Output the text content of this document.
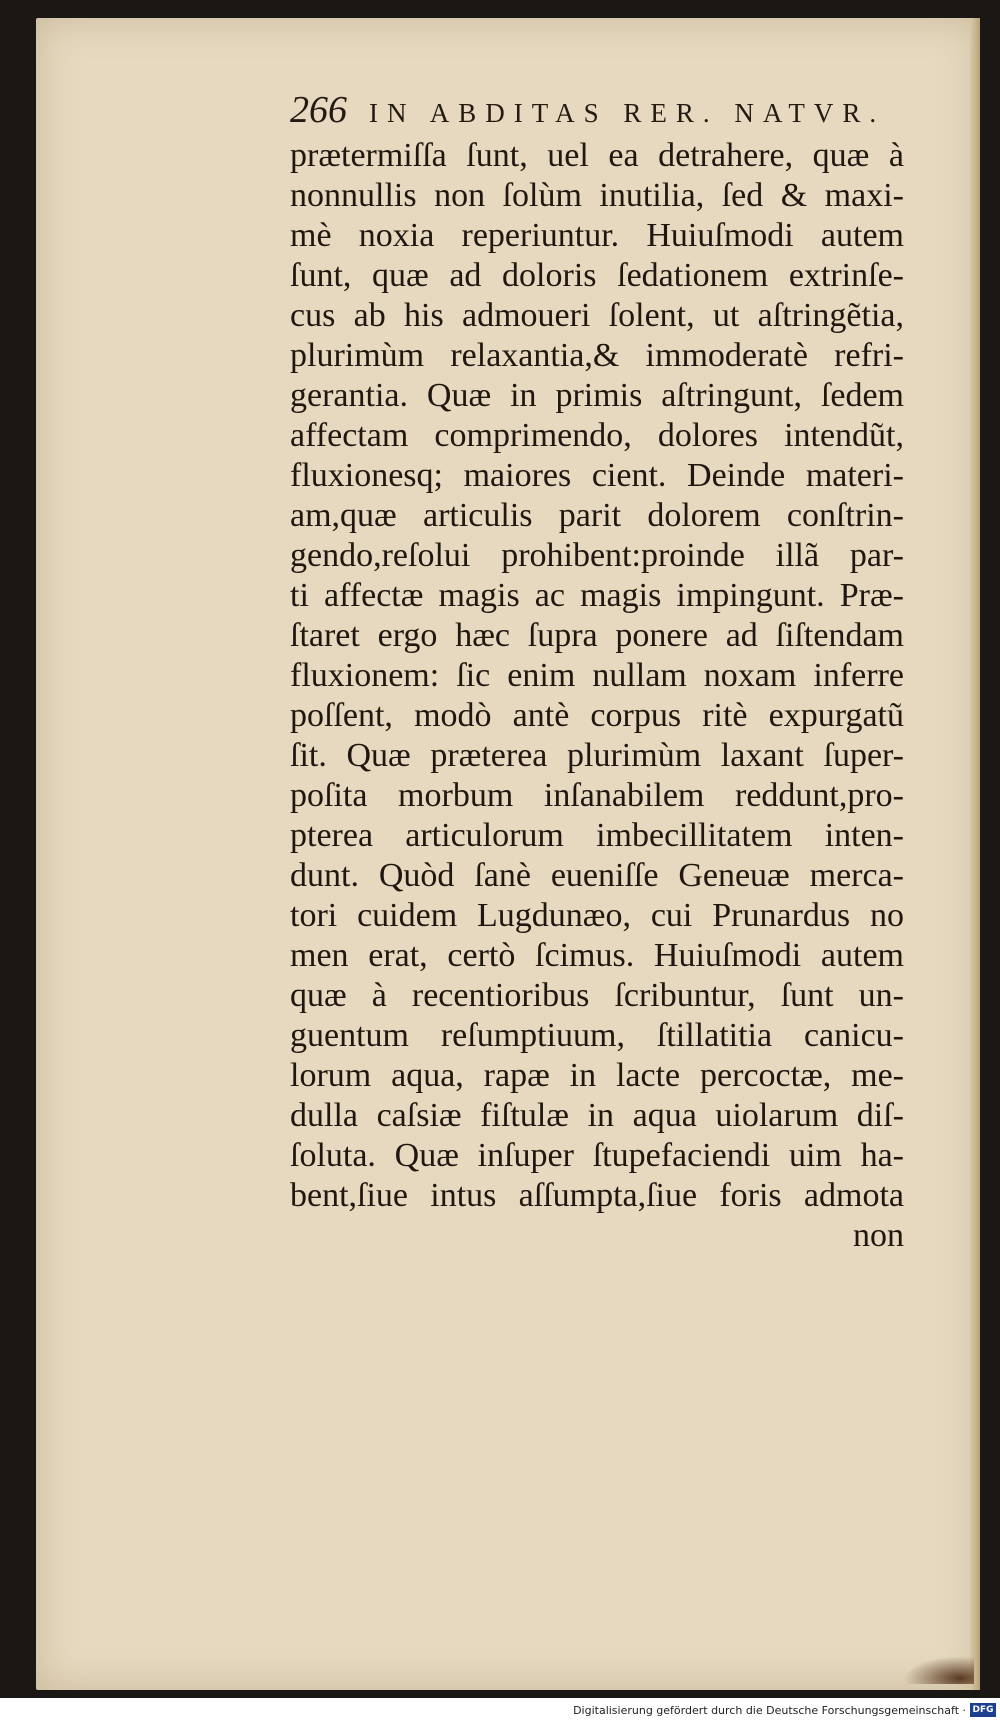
266 IN ABDITAS RER. NATVR.
prætermiſſa ſunt, uel ea detrahere, quæ à
nonnullis non ſolùm inutilia, ſed & maxi-
mè noxia reperiuntur. Huiuſmodi autem
ſunt, quæ ad doloris ſedationem extrinſe-
cus ab his admoueri ſolent, ut aſtringẽtia,
plurimùm relaxantia,& immoderatè refri-
gerantia. Quæ in primis aſtringunt, ſedem
affectam comprimendo, dolores intendũt,
fluxionesq; maiores cient. Deinde materi-
am,quæ articulis parit dolorem conſtrin-
gendo,reſolui prohibent:proinde illã par-
ti affectæ magis ac magis impingunt. Præ-
ſtaret ergo hæc ſupra ponere ad ſiſtendam
fluxionem: ſic enim nullam noxam inferre
poſſent, modò antè corpus ritè expurgatũ
ſit. Quæ præterea plurimùm laxant ſuper-
poſita morbum inſanabilem reddunt,pro-
pterea articulorum imbecillitatem inten-
dunt. Quòd ſanè eueniſſe Geneuæ merca-
tori cuidem Lugdunæo, cui Prunardus no
men erat, certò ſcimus. Huiuſmodi autem
quæ à recentioribus ſcribuntur, ſunt un-
guentum reſumptiuum, ſtillatitia canicu-
lorum aqua, rapæ in lacte percoctæ, me-
dulla caſsiæ fiſtulæ in aqua uiolarum diſ-
ſoluta. Quæ inſuper ſtupefaciendi uim ha-
bent,ſiue intus aſſumpta,ſiue foris admota
non
Digitalisierung gefördert durch die Deutsche Forschungsgemeinschaft · DFG
